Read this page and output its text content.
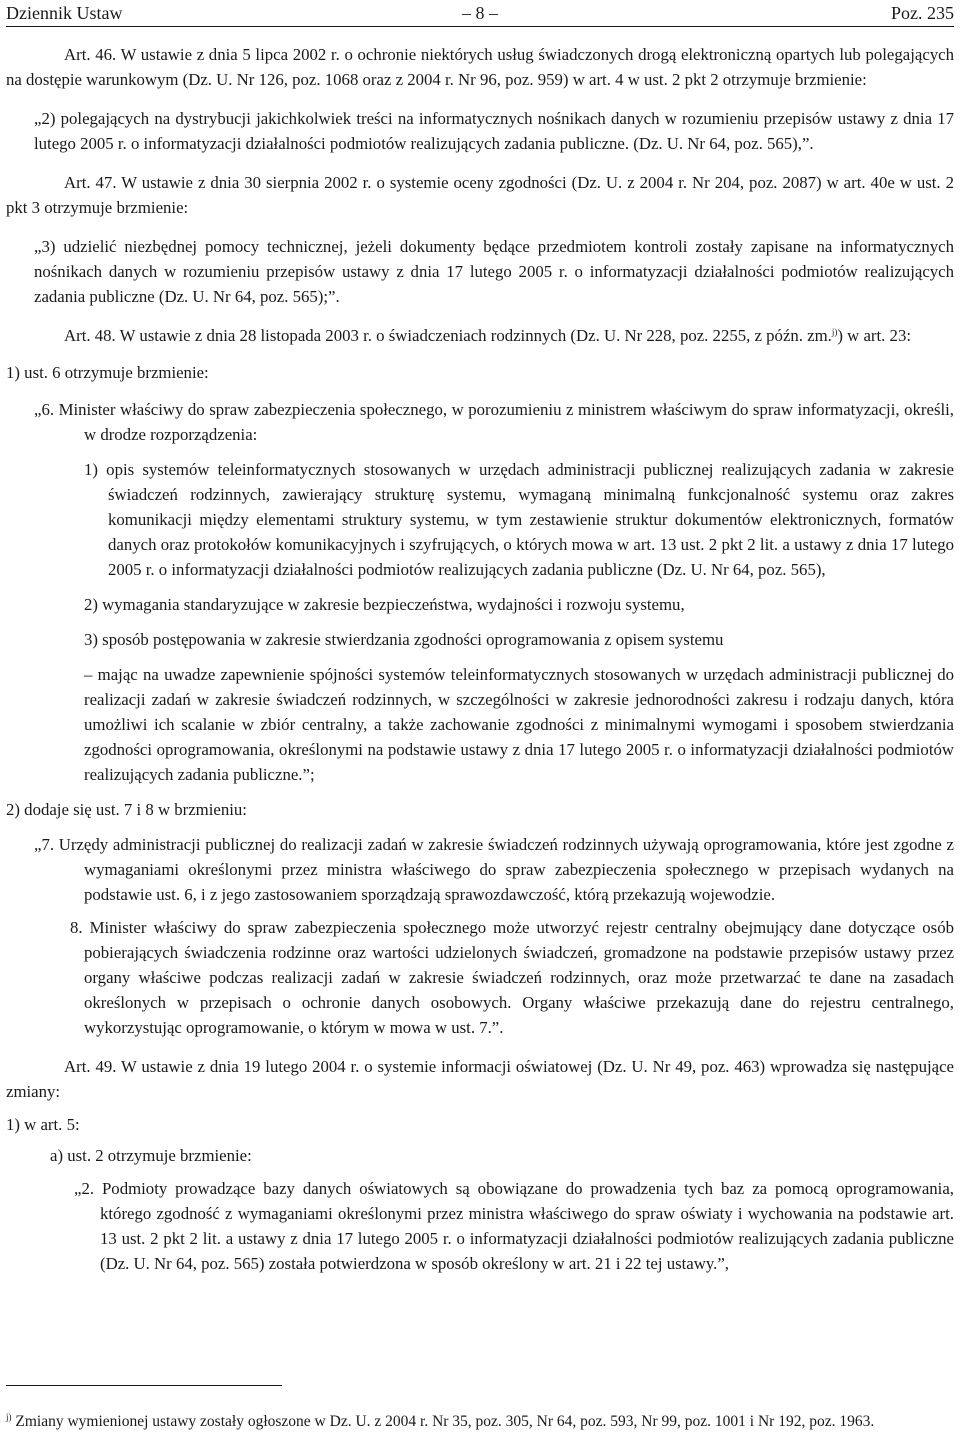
Dziennik Ustaw	– 8 –	Poz. 235

Art. 46. W ustawie z dnia 5 lipca 2002 r. o ochronie niektórych usług świadczonych drogą elektroniczną opartych lub polegających na dostępie warunkowym (Dz. U. Nr 126, poz. 1068 oraz z 2004 r. Nr 96, poz. 959) w art. 4 w ust. 2 pkt 2 otrzymuje brzmienie:

„2) polegających na dystrybucji jakichkolwiek treści na informatycznych nośnikach danych w rozumieniu przepisów ustawy z dnia 17 lutego 2005 r. o informatyzacji działalności podmiotów realizujących zadania publiczne. (Dz. U. Nr 64, poz. 565),”.

Art. 47. W ustawie z dnia 30 sierpnia 2002 r. o systemie oceny zgodności (Dz. U. z 2004 r. Nr 204, poz. 2087) w art. 40e w ust. 2 pkt 3 otrzymuje brzmienie:

„3) udzielić niezbędnej pomocy technicznej, jeżeli dokumenty będące przedmiotem kontroli zostały zapisane na informatycznych nośnikach danych w rozumieniu przepisów ustawy z dnia 17 lutego 2005 r. o informatyzacji działalności podmiotów realizujących zadania publiczne (Dz. U. Nr 64, poz. 565);”.

Art. 48. W ustawie z dnia 28 listopada 2003 r. o świadczeniach rodzinnych (Dz. U. Nr 228, poz. 2255, z późn. zm.$^{j)}$) w art. 23:

1) ust. 6 otrzymuje brzmienie:

„6. Minister właściwy do spraw zabezpieczenia społecznego, w porozumieniu z ministrem właściwym do spraw informatyzacji, określi, w drodze rozporządzenia:

1) opis systemów teleinformatycznych stosowanych w urzędach administracji publicznej realizujących zadania w zakresie świadczeń rodzinnych, zawierający strukturę systemu, wymaganą minimalną funkcjonalność systemu oraz zakres komunikacji między elementami struktury systemu, w tym zestawienie struktur dokumentów elektronicznych, formatów danych oraz protokołów komunikacyjnych i szyfrujących, o których mowa w art. 13 ust. 2 pkt 2 lit. a ustawy z dnia 17 lutego 2005 r. o informatyzacji działalności podmiotów realizujących zadania publiczne (Dz. U. Nr 64, poz. 565),

2) wymagania standaryzujące w zakresie bezpieczeństwa, wydajności i rozwoju systemu,

3) sposób postępowania w zakresie stwierdzania zgodności oprogramowania z opisem systemu

– mając na uwadze zapewnienie spójności systemów teleinformatycznych stosowanych w urzędach administracji publicznej do realizacji zadań w zakresie świadczeń rodzinnych, w szczególności w zakresie jednorodności zakresu i rodzaju danych, która umożliwi ich scalanie w zbiór centralny, a także zachowanie zgodności z minimalnymi wymogami i sposobem stwierdzania zgodności oprogramowania, określonymi na podstawie ustawy z dnia 17 lutego 2005 r. o informatyzacji działalności podmiotów realizujących zadania publiczne.”;

2) dodaje się ust. 7 i 8 w brzmieniu:

Art. 49. W ustawie z dnia 19 lutego 2004 r. o systemie informacji oświatowej (Dz. U. Nr 49, poz. 463) wprowadza się następujące zmiany:

$^{j)}$ Zmiany wymienionej ustawy zostały ogłoszone w Dz. U. z 2004 r. Nr 35, poz. 305, Nr 64, poz. 593, Nr 99, poz. 1001 i Nr 192, poz. 1963.

„7. Urzędy administracji publicznej do realizacji zadań w zakresie świadczeń rodzinnych używają oprogramowania, które jest zgodne z wymaganiami określonymi przez ministra właściwego do spraw zabezpieczenia społecznego w przepisach wydanych na podstawie ust. 6, i z jego zastosowaniem sporządzają sprawozdawczość, którą przekazują wojewodzie.

8. Minister właściwy do spraw zabezpieczenia społecznego może utworzyć rejestr centralny obejmujący dane dotyczące osób pobierających świadczenia rodzinne oraz wartości udzielonych świadczeń, gromadzone na podstawie przepisów ustawy przez organy właściwe podczas realizacji zadań w zakresie świadczeń rodzinnych, oraz może przetwarzać te dane na zasadach określonych w przepisach o ochronie danych osobowych. Organy właściwe przekazują dane do rejestru centralnego, wykorzystując oprogramowanie, o którym w mowa w ust. 7.”.

1) w art. 5:

a) ust. 2 otrzymuje brzmienie:

„2. Podmioty prowadzące bazy danych oświatowych są obowiązane do prowadzenia tych baz za pomocą oprogramowania, którego zgodność z wymaganiami określonymi przez ministra właściwego do spraw oświaty i wychowania na podstawie art. 13 ust. 2 pkt 2 lit. a ustawy z dnia 17 lutego 2005 r. o informatyzacji działalności podmiotów realizujących zadania publiczne (Dz. U. Nr 64, poz. 565) została potwierdzona w sposób określony w art. 21 i 22 tej ustawy.”,
